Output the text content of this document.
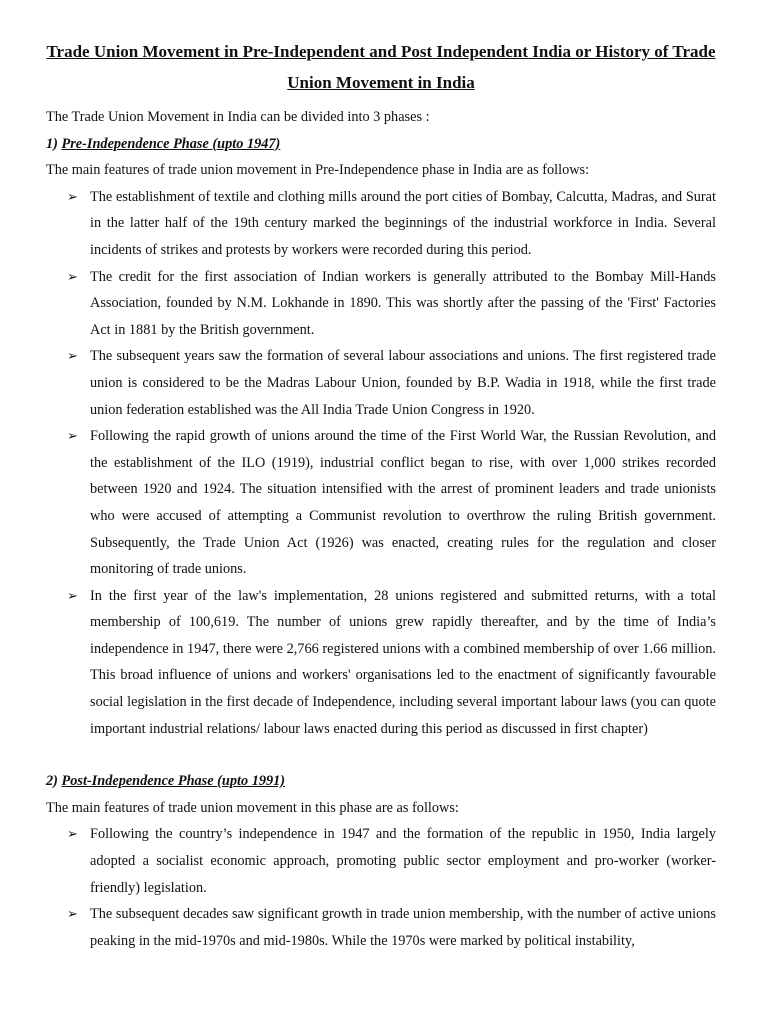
Trade Union Movement in Pre-Independent and Post Independent India or History of Trade Union Movement in India

The Trade Union Movement in India can be divided into 3 phases :

1) Pre-Independence Phase (upto 1947)

The main features of trade union movement in Pre-Independence phase in India are as follows:

➢ The establishment of textile and clothing mills around the port cities of Bombay, Calcutta, Madras, and Surat in the latter half of the 19th century marked the beginnings of the industrial workforce in India. Several incidents of strikes and protests by workers were recorded during this period.
➢ The credit for the first association of Indian workers is generally attributed to the Bombay Mill-Hands Association, founded by N.M. Lokhande in 1890. This was shortly after the passing of the 'First' Factories Act in 1881 by the British government.
➢ The subsequent years saw the formation of several labour associations and unions. The first registered trade union is considered to be the Madras Labour Union, founded by B.P. Wadia in 1918, while the first trade union federation established was the All India Trade Union Congress in 1920.
➢ Following the rapid growth of unions around the time of the First World War, the Russian Revolution, and the establishment of the ILO (1919), industrial conflict began to rise, with over 1,000 strikes recorded between 1920 and 1924. The situation intensified with the arrest of prominent leaders and trade unionists who were accused of attempting a Communist revolution to overthrow the ruling British government. Subsequently, the Trade Union Act (1926) was enacted, creating rules for the regulation and closer monitoring of trade unions.
➢ In the first year of the law's implementation, 28 unions registered and submitted returns, with a total membership of 100,619. The number of unions grew rapidly thereafter, and by the time of India’s independence in 1947, there were 2,766 registered unions with a combined membership of over 1.66 million. This broad influence of unions and workers' organisations led to the enactment of significantly favourable social legislation in the first decade of Independence, including several important labour laws (you can quote important industrial relations/ labour laws enacted during this period as discussed in first chapter)

2) Post-Independence Phase (upto 1991)

The main features of trade union movement in this phase are as follows:

➢ Following the country’s independence in 1947 and the formation of the republic in 1950, India largely adopted a socialist economic approach, promoting public sector employment and pro-worker (worker-friendly) legislation.
➢ The subsequent decades saw significant growth in trade union membership, with the number of active unions peaking in the mid-1970s and mid-1980s. While the 1970s were marked by political instability,
